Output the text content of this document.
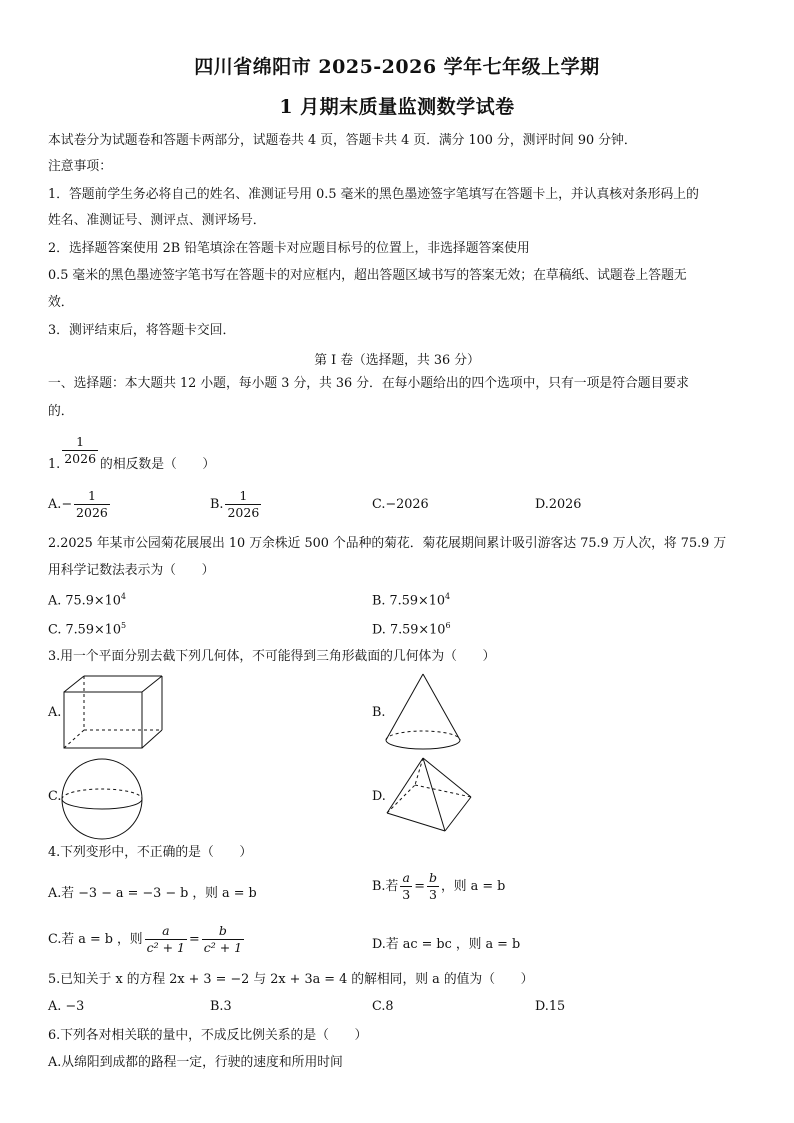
四川省绵阳市 2025-2026 学年七年级上学期
1 月期末质量监测数学试卷
本试卷分为试题卷和答题卡两部分，试题卷共 4 页，答题卡共 4 页．满分 100 分，测评时间 90 分钟．
注意事项：
1．答题前学生务必将自己的姓名、准测证号用 0.5 毫米的黑色墨迹签字笔填写在答题卡上，并认真核对条形码上的
姓名、准测证号、测评点、测评场号．
2．选择题答案使用 2B 铅笔填涂在答题卡对应题目标号的位置上，非选择题答案使用
0.5 毫米的黑色墨迹签字笔书写在答题卡的对应框内，超出答题区域书写的答案无效；在草稿纸、试题卷上答题无
效．
3．测评结束后，将答题卡交回．
第 I 卷（选择题，共 36 分）
一、选择题：本大题共 12 小题，每小题 3 分，共 36 分．在每小题给出的四个选项中，只有一项是符合题目要求
的．
1. $\frac{1}{2026}$ 的相反数是（　　）
$A.- \frac{1}{2026}$	B. $\frac{1}{2026}$	C.−2026	D.2026
2.2025 年某市公园菊花展展出 10 万余株近 500 个品种的菊花．菊花展期间累计吸引游客达 75.9 万人次，将 75.9 万
用科学记数法表示为（　　）
A. $75.9\times 10^4$	B. $7.59\times 10^4$
C. $7.59\times 10^5$	D. $7.59\times 10^6$
3.用一个平面分别去截下列几何体，不可能得到三角形截面的几何体为（　　）
A.	B.
C.	D.
4.下列变形中，不正确的是（　　）
A.若 −3 − a = −3 − b ，则 a = b	B.若 $\frac{a}{3} = \frac{b}{3}$ ，则 a = b
C.若 a = b ，则 $\frac{a}{\text{c² + 1}} = \frac{b}{\text{c² + 1}}$	D.若 ac = bc ，则 a = b
5.已知关于 x 的方程 2x + 3 = −2 与 2x + 3a = 4 的解相同，则 a 的值为（　　）
A. −3	B.3	C.8	D.15
6.下列各对相关联的量中，不成反比例关系的是（　　）
A.从绵阳到成都的路程一定，行驶的速度和所用时间
